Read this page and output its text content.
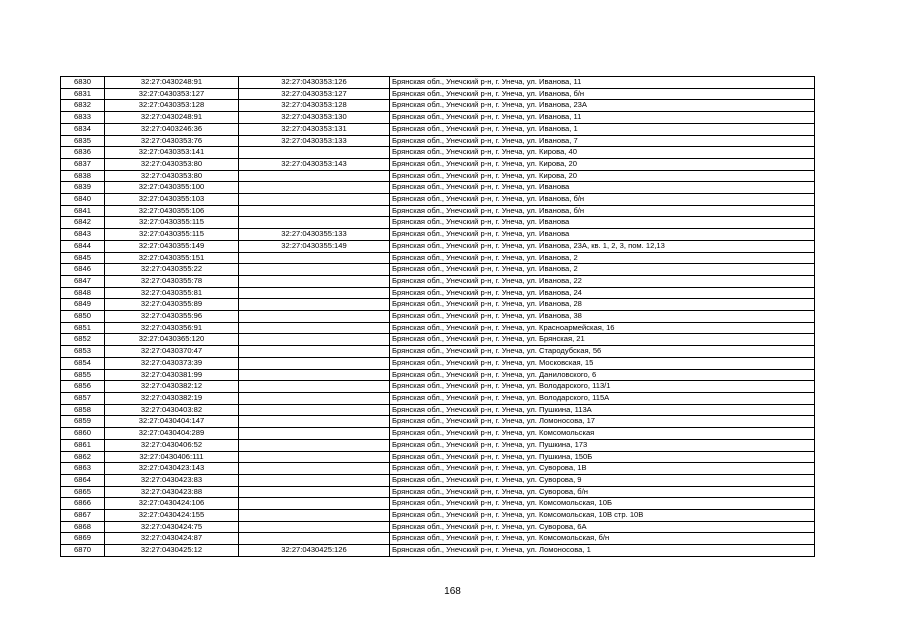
6830	32:27:0430248:91	32:27:0430353:126	Брянская обл., Унечский р-н, г. Унеча, ул. Иванова, 11
6831	32:27:0430353:127	32:27:0430353:127	Брянская обл., Унечский р-н, г. Унеча, ул. Иванова, б/н
6832	32:27:0430353:128	32:27:0430353:128	Брянская обл., Унечский р-н, г. Унеча, ул. Иванова, 23А
6833	32:27:0430248:91	32:27:0430353:130	Брянская обл., Унечский р-н, г. Унеча, ул. Иванова, 11
6834	32:27:0403246:36	32:27:0430353:131	Брянская обл., Унечский р-н, г. Унеча, ул. Иванова, 1
6835	32:27:0430353:76	32:27:0430353:133	Брянская обл., Унечский р-н, г. Унеча, ул. Иванова, 7
6836	32:27:0430353:141		Брянская обл., Унечский р-н, г. Унеча, ул. Кирова, 40
6837	32:27:0430353:80	32:27:0430353:143	Брянская обл., Унечский р-н, г. Унеча, ул. Кирова, 20
6838	32:27:0430353:80		Брянская обл., Унечский р-н, г. Унеча, ул. Кирова, 20
6839	32:27:0430355:100		Брянская обл., Унечский р-н, г. Унеча, ул. Иванова
6840	32:27:0430355:103		Брянская обл., Унечский р-н, г. Унеча, ул. Иванова, б/н
6841	32:27:0430355:106		Брянская обл., Унечский р-н, г. Унеча, ул. Иванова, б/н
6842	32:27:0430355:115		Брянская обл., Унечский р-н, г. Унеча, ул. Иванова
6843	32:27:0430355:115	32:27:0430355:133	Брянская обл., Унечский р-н, г. Унеча, ул. Иванова
6844	32:27:0430355:149	32:27:0430355:149	Брянская обл., Унечский р-н, г. Унеча, ул. Иванова, 23А, кв. 1, 2, 3, пом. 12,13
6845	32:27:0430355:151		Брянская обл., Унечский р-н, г. Унеча, ул. Иванова, 2
6846	32:27:0430355:22		Брянская обл., Унечский р-н, г. Унеча, ул. Иванова, 2
6847	32:27:0430355:78		Брянская обл., Унечский р-н, г. Унеча, ул. Иванова, 22
6848	32:27:0430355:81		Брянская обл., Унечский р-н, г. Унеча, ул. Иванова, 24
6849	32:27:0430355:89		Брянская обл., Унечский р-н, г. Унеча, ул. Иванова, 28
6850	32:27:0430355:96		Брянская обл., Унечский р-н, г. Унеча, ул. Иванова, 38
6851	32:27:0430356:91		Брянская обл., Унечский р-н, г. Унеча, ул. Красноармейская, 16
6852	32:27:0430365:120		Брянская обл., Унечский р-н, г. Унеча, ул. Брянская, 21
6853	32:27:0430370:47		Брянская обл., Унечский р-н, г. Унеча, ул. Стародубская, 56
6854	32:27:0430373:39		Брянская обл., Унечский р-н, г. Унеча, ул. Московская, 15
6855	32:27:0430381:99		Брянская обл., Унечский р-н, г. Унеча, ул. Даниловского, 6
6856	32:27:0430382:12		Брянская обл., Унечский р-н, г. Унеча, ул. Володарского, 113/1
6857	32:27:0430382:19		Брянская обл., Унечский р-н, г. Унеча, ул. Володарского, 115А
6858	32:27:0430403:82		Брянская обл., Унечский р-н, г. Унеча, ул. Пушкина, 113А
6859	32:27:0430404:147		Брянская обл., Унечский р-н, г. Унеча, ул. Ломоносова, 17
6860	32:27:0430404:289		Брянская обл., Унечский р-н, г. Унеча, ул. Комсомольская
6861	32:27:0430406:52		Брянская обл., Унечский р-н, г. Унеча, ул. Пушкина, 173
6862	32:27:0430406:111		Брянская обл., Унечский р-н, г. Унеча, ул. Пушкина, 150Б
6863	32:27:0430423:143		Брянская обл., Унечский р-н, г. Унеча, ул. Суворова, 1В
6864	32:27:0430423:83		Брянская обл., Унечский р-н, г. Унеча, ул. Суворова, 9
6865	32:27:0430423:88		Брянская обл., Унечский р-н, г. Унеча, ул. Суворова, б/н
6866	32:27:0430424:106		Брянская обл., Унечский р-н, г. Унеча, ул. Комсомольская, 10Б
6867	32:27:0430424:155		Брянская обл., Унечский р-н, г. Унеча, ул. Комсомольская, 10В стр. 10В
6868	32:27:0430424:75		Брянская обл., Унечский р-н, г. Унеча, ул. Суворова, 6А
6869	32:27:0430424:87		Брянская обл., Унечский р-н, г. Унеча, ул. Комсомольская, б/н
6870	32:27:0430425:12	32:27:0430425:126	Брянская обл., Унечский р-н, г. Унеча, ул. Ломоносова, 1
168
